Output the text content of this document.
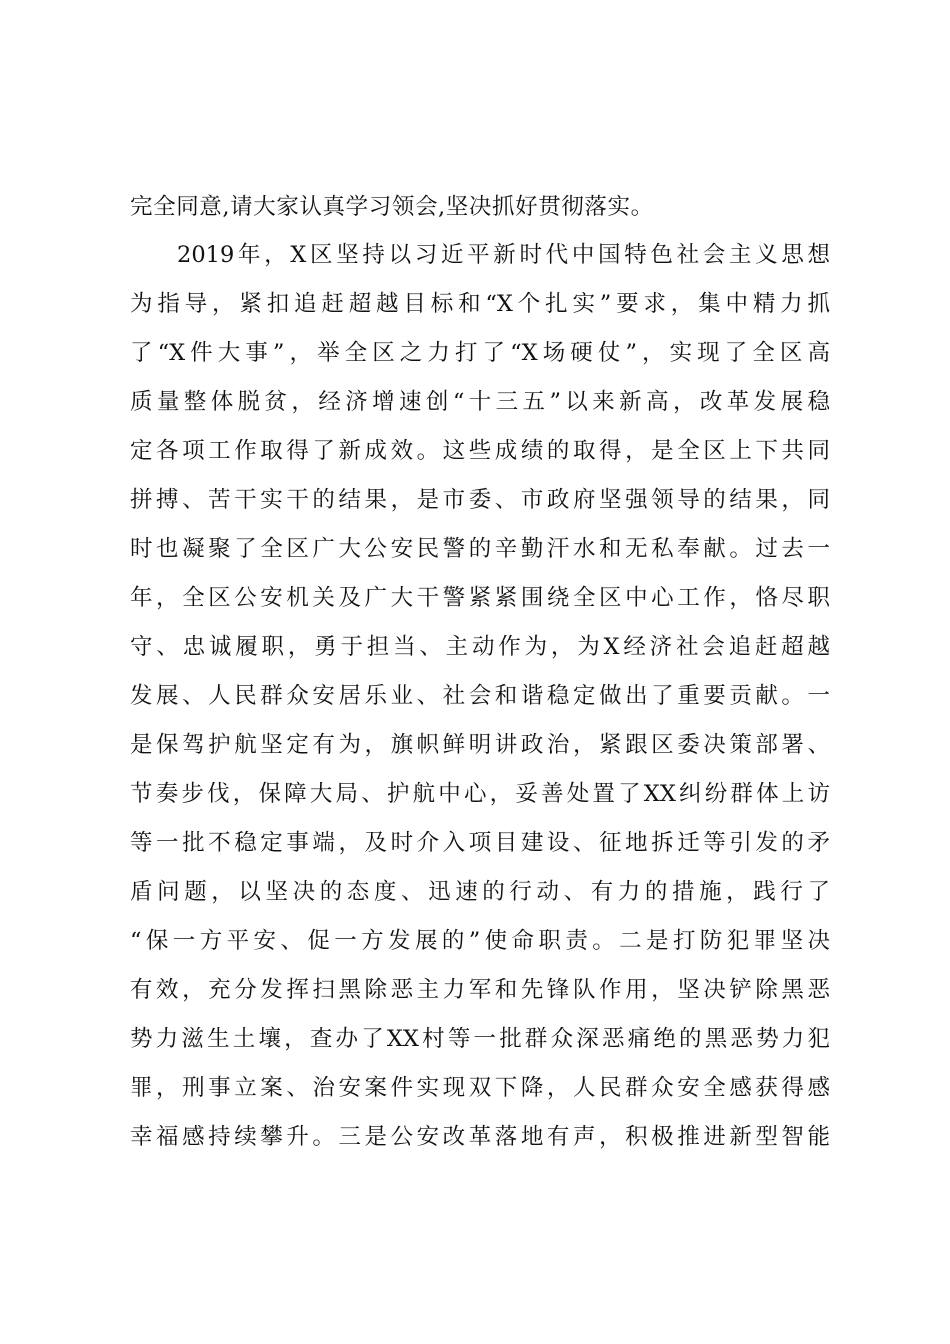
完全同意,请大家认真学习领会,坚决抓好贯彻落实。
2019年，X区坚持以习近平新时代中国特色社会主义思想
为指导，紧扣追赶超越目标和“X个扎实”要求，集中精力抓
了“X件大事”，举全区之力打了“X场硬仗”，实现了全区高
质量整体脱贫，经济增速创“十三五”以来新高，改革发展稳
定各项工作取得了新成效。这些成绩的取得，是全区上下共同
拼搏、苦干实干的结果，是市委、市政府坚强领导的结果，同
时也凝聚了全区广大公安民警的辛勤汗水和无私奉献。过去一
年，全区公安机关及广大干警紧紧围绕全区中心工作，恪尽职
守、忠诚履职，勇于担当、主动作为，为X经济社会追赶超越
发展、人民群众安居乐业、社会和谐稳定做出了重要贡献。一
是保驾护航坚定有为，旗帜鲜明讲政治，紧跟区委决策部署、
节奏步伐，保障大局、护航中心，妥善处置了XX纠纷群体上访
等一批不稳定事端，及时介入项目建设、征地拆迁等引发的矛
盾问题，以坚决的态度、迅速的行动、有力的措施，践行了
“保一方平安、促一方发展的”使命职责。二是打防犯罪坚决
有效，充分发挥扫黑除恶主力军和先锋队作用，坚决铲除黑恶
势力滋生土壤，查办了XX村等一批群众深恶痛绝的黑恶势力犯
罪，刑事立案、治安案件实现双下降，人民群众安全感获得感
幸福感持续攀升。三是公安改革落地有声，积极推进新型智能
